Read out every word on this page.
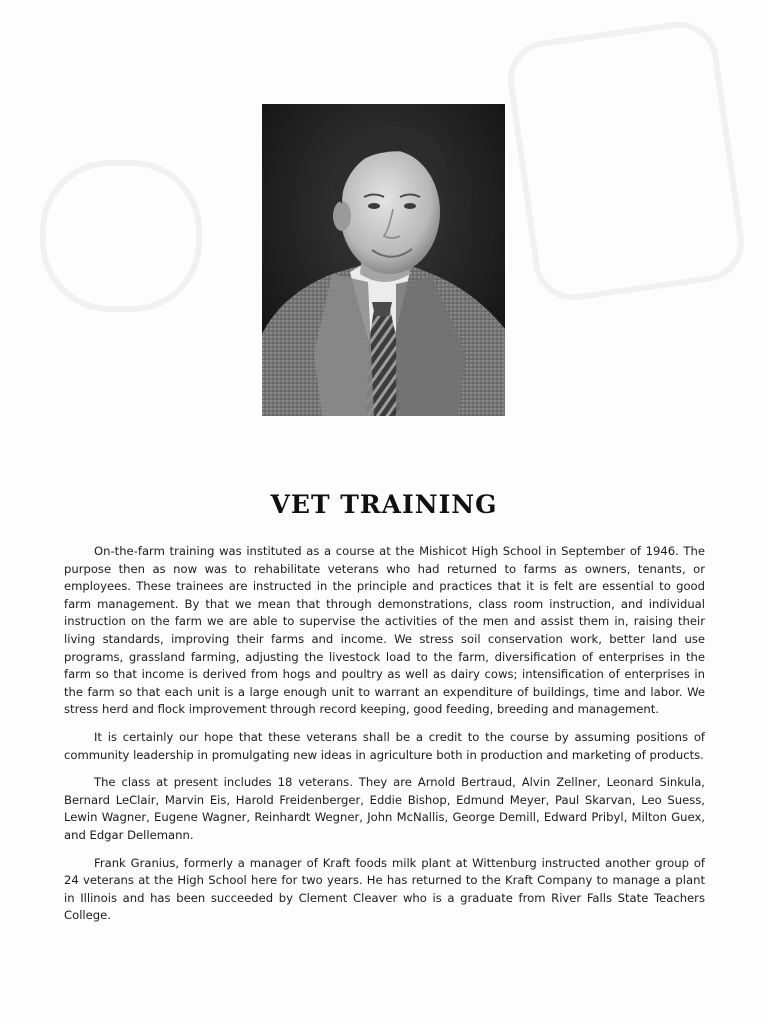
VET TRAINING

On-the-farm training was instituted as a course at the Mishicot High School in September of 1946. The purpose then as now was to rehabilitate veterans who had returned to farms as owners, tenants, or employees. These trainees are instructed in the principle and practices that it is felt are essential to good farm management. By that we mean that through demonstrations, class room instruction, and individual instruction on the farm we are able to supervise the activities of the men and assist them in, raising their living standards, improving their farms and income. We stress soil conservation work, better land use programs, grassland farming, adjusting the livestock load to the farm, diversification of enterprises in the farm so that income is derived from hogs and poultry as well as dairy cows; intensification of enterprises in the farm so that each unit is a large enough unit to warrant an expenditure of buildings, time and labor. We stress herd and flock improvement through record keeping, good feeding, breeding and management.

It is certainly our hope that these veterans shall be a credit to the course by assuming positions of community leadership in promulgating new ideas in agriculture both in production and marketing of products.

The class at present includes 18 veterans. They are Arnold Bertraud, Alvin Zellner, Leonard Sinkula, Bernard LeClair, Marvin Eis, Harold Freidenberger, Eddie Bishop, Edmund Meyer, Paul Skarvan, Leo Suess, Lewin Wagner, Eugene Wagner, Reinhardt Wegner, John McNallis, George Demill, Edward Pribyl, Milton Guex, and Edgar Dellemann.

Frank Granius, formerly a manager of Kraft foods milk plant at Wittenburg instructed another group of 24 veterans at the High School here for two years. He has returned to the Kraft Company to manage a plant in Illinois and has been succeeded by Clement Cleaver who is a graduate from River Falls State Teachers College.
